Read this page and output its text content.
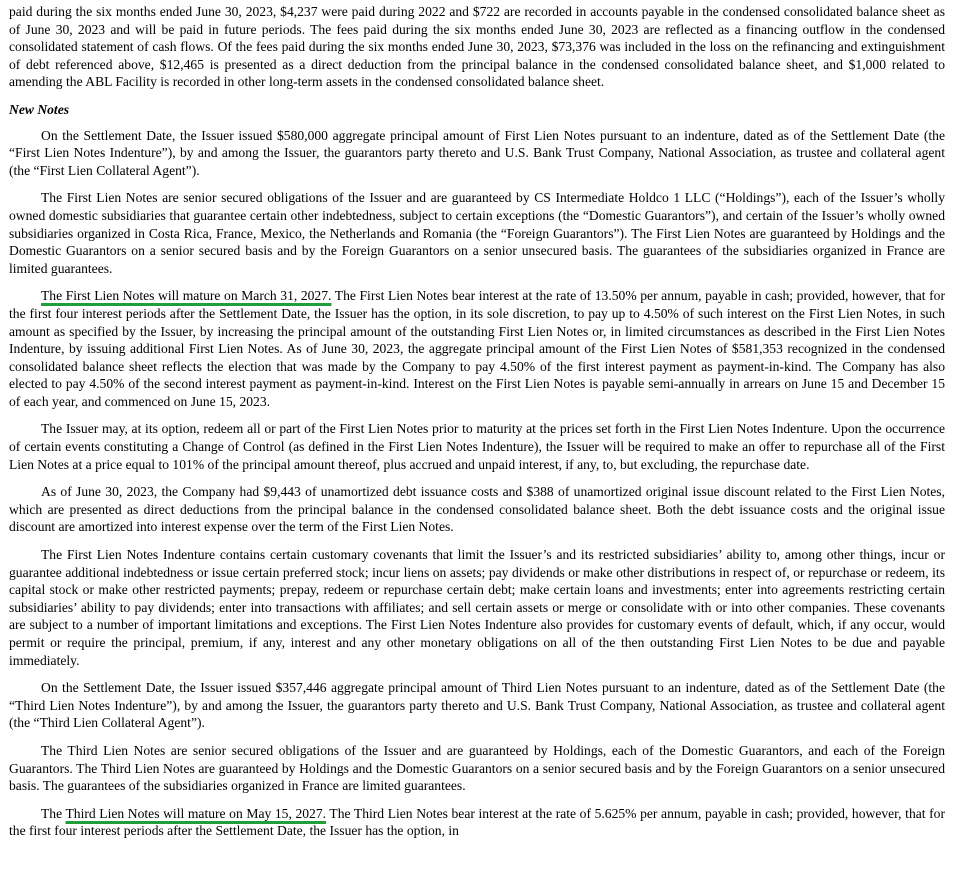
paid during the six months ended June 30, 2023, $4,237 were paid during 2022 and $722 are recorded in accounts payable in the condensed consolidated balance sheet as of June 30, 2023 and will be paid in future periods. The fees paid during the six months ended June 30, 2023 are reflected as a financing outflow in the condensed consolidated statement of cash flows. Of the fees paid during the six months ended June 30, 2023, $73,376 was included in the loss on the refinancing and extinguishment of debt referenced above, $12,465 is presented as a direct deduction from the principal balance in the condensed consolidated balance sheet, and $1,000 related to amending the ABL Facility is recorded in other long-term assets in the condensed consolidated balance sheet.

New Notes

On the Settlement Date, the Issuer issued $580,000 aggregate principal amount of First Lien Notes pursuant to an indenture, dated as of the Settlement Date (the “First Lien Notes Indenture”), by and among the Issuer, the guarantors party thereto and U.S. Bank Trust Company, National Association, as trustee and collateral agent (the “First Lien Collateral Agent”).

The First Lien Notes are senior secured obligations of the Issuer and are guaranteed by CS Intermediate Holdco 1 LLC (“Holdings”), each of the Issuer’s wholly owned domestic subsidiaries that guarantee certain other indebtedness, subject to certain exceptions (the “Domestic Guarantors”), and certain of the Issuer’s wholly owned subsidiaries organized in Costa Rica, France, Mexico, the Netherlands and Romania (the “Foreign Guarantors”). The First Lien Notes are guaranteed by Holdings and the Domestic Guarantors on a senior secured basis and by the Foreign Guarantors on a senior unsecured basis. The guarantees of the subsidiaries organized in France are limited guarantees.

The First Lien Notes will mature on March 31, 2027. The First Lien Notes bear interest at the rate of 13.50% per annum, payable in cash; provided, however, that for the first four interest periods after the Settlement Date, the Issuer has the option, in its sole discretion, to pay up to 4.50% of such interest on the First Lien Notes, in such amount as specified by the Issuer, by increasing the principal amount of the outstanding First Lien Notes or, in limited circumstances as described in the First Lien Notes Indenture, by issuing additional First Lien Notes. As of June 30, 2023, the aggregate principal amount of the First Lien Notes of $581,353 recognized in the condensed consolidated balance sheet reflects the election that was made by the Company to pay 4.50% of the first interest payment as payment-in-kind. The Company has also elected to pay 4.50% of the second interest payment as payment-in-kind. Interest on the First Lien Notes is payable semi-annually in arrears on June 15 and December 15 of each year, and commenced on June 15, 2023.

The Issuer may, at its option, redeem all or part of the First Lien Notes prior to maturity at the prices set forth in the First Lien Notes Indenture. Upon the occurrence of certain events constituting a Change of Control (as defined in the First Lien Notes Indenture), the Issuer will be required to make an offer to repurchase all of the First Lien Notes at a price equal to 101% of the principal amount thereof, plus accrued and unpaid interest, if any, to, but excluding, the repurchase date.

As of June 30, 2023, the Company had $9,443 of unamortized debt issuance costs and $388 of unamortized original issue discount related to the First Lien Notes, which are presented as direct deductions from the principal balance in the condensed consolidated balance sheet. Both the debt issuance costs and the original issue discount are amortized into interest expense over the term of the First Lien Notes.

The First Lien Notes Indenture contains certain customary covenants that limit the Issuer’s and its restricted subsidiaries’ ability to, among other things, incur or guarantee additional indebtedness or issue certain preferred stock; incur liens on assets; pay dividends or make other distributions in respect of, or repurchase or redeem, its capital stock or make other restricted payments; prepay, redeem or repurchase certain debt; make certain loans and investments; enter into agreements restricting certain subsidiaries’ ability to pay dividends; enter into transactions with affiliates; and sell certain assets or merge or consolidate with or into other companies. These covenants are subject to a number of important limitations and exceptions. The First Lien Notes Indenture also provides for customary events of default, which, if any occur, would permit or require the principal, premium, if any, interest and any other monetary obligations on all of the then outstanding First Lien Notes to be due and payable immediately.

On the Settlement Date, the Issuer issued $357,446 aggregate principal amount of Third Lien Notes pursuant to an indenture, dated as of the Settlement Date (the “Third Lien Notes Indenture”), by and among the Issuer, the guarantors party thereto and U.S. Bank Trust Company, National Association, as trustee and collateral agent (the “Third Lien Collateral Agent”).

The Third Lien Notes are senior secured obligations of the Issuer and are guaranteed by Holdings, each of the Domestic Guarantors, and each of the Foreign Guarantors. The Third Lien Notes are guaranteed by Holdings and the Domestic Guarantors on a senior secured basis and by the Foreign Guarantors on a senior unsecured basis. The guarantees of the subsidiaries organized in France are limited guarantees.

The Third Lien Notes will mature on May 15, 2027. The Third Lien Notes bear interest at the rate of 5.625% per annum, payable in cash; provided, however, that for the first four interest periods after the Settlement Date, the Issuer has the option, in
